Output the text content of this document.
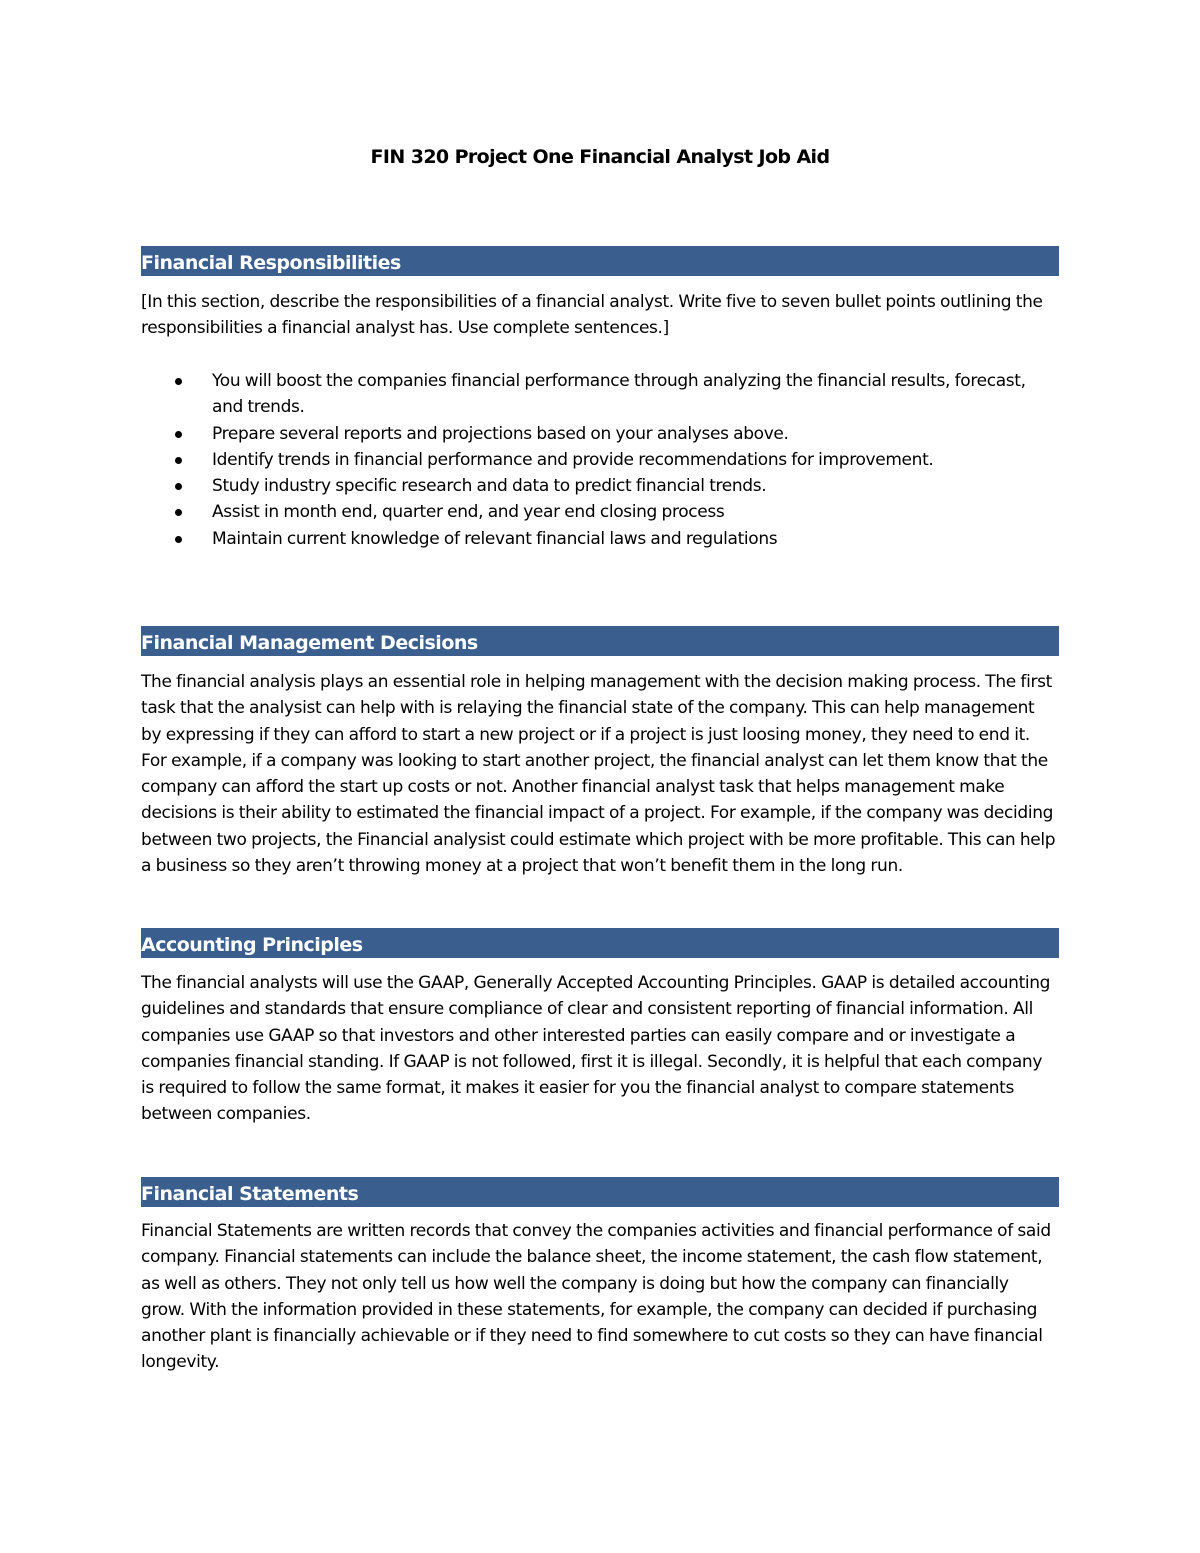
FIN 320 Project One Financial Analyst Job Aid
Financial Responsibilities
[In this section, describe the responsibilities of a financial analyst. Write five to seven bullet points outlining the responsibilities a financial analyst has. Use complete sentences.]
You will boost the companies financial performance through analyzing the financial results, forecast, and trends.
Prepare several reports and projections based on your analyses above.
Identify trends in financial performance and provide recommendations for improvement.
Study industry specific research and data to predict financial trends.
Assist in month end, quarter end, and year end closing process
Maintain current knowledge of relevant financial laws and regulations
Financial Management Decisions
The financial analysis plays an essential role in helping management with the decision making process. The first task that the analysist can help with is relaying the financial state of the company. This can help management by expressing if they can afford to start a new project or if a project is just loosing money, they need to end it. For example, if a company was looking to start another project, the financial analyst can let them know that the company can afford the start up costs or not. Another financial analyst task that helps management make decisions is their ability to estimated the financial impact of a project. For example, if the company was deciding between two projects, the Financial analysist could estimate which project with be more profitable. This can help a business so they aren’t throwing money at a project that won’t benefit them in the long run.
Accounting Principles
The financial analysts will use the GAAP, Generally Accepted Accounting Principles. GAAP is detailed accounting guidelines and standards that ensure compliance of clear and consistent reporting of financial information. All companies use GAAP so that investors and other interested parties can easily compare and or investigate a companies financial standing. If GAAP is not followed, first it is illegal. Secondly, it is helpful that each company is required to follow the same format, it makes it easier for you the financial analyst to compare statements between companies.
Financial Statements
Financial Statements are written records that convey the companies activities and financial performance of said company. Financial statements can include the balance sheet, the income statement, the cash flow statement, as well as others. They not only tell us how well the company is doing but how the company can financially grow. With the information provided in these statements, for example, the company can decided if purchasing another plant is financially achievable or if they need to find somewhere to cut costs so they can have financial longevity.
